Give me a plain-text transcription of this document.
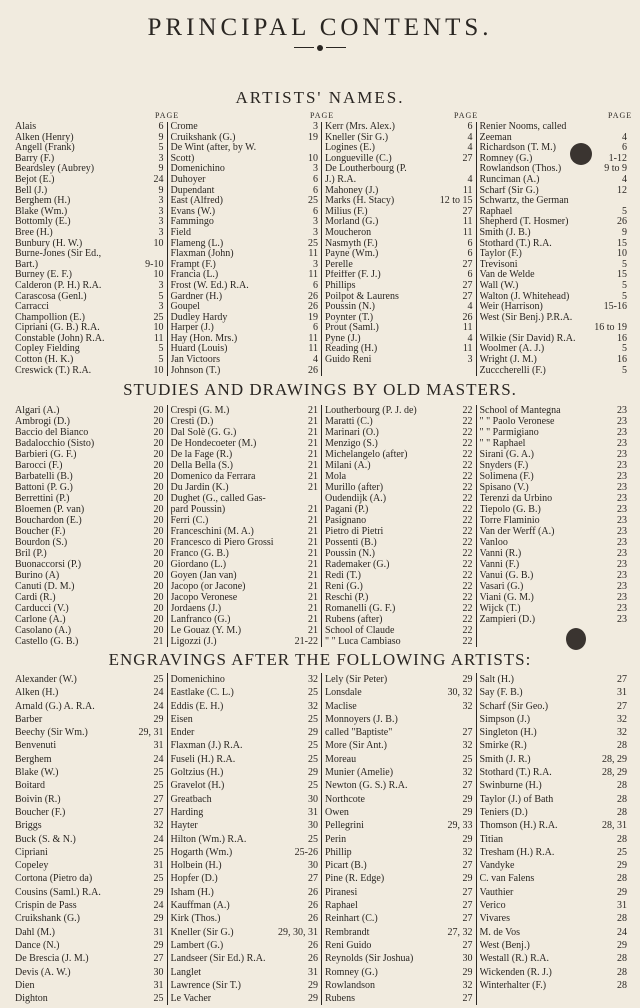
PRINCIPAL CONTENTS.
ARTISTS' NAMES.
PAGE	PAGE	PAGE	PAGE
Alais	6
Alken (Henry)	9
Angell (Frank)	5
Barry (F.)	3
Beardsley (Aubrey)	9
Bejot (E.)	24
Bell (J.)	9
Berghem (H.)	3
Blake (Wm.)	3
Bottomly (E.)	3
Bree (H.)	3
Bunbury (H. W.)	10
Burne-Jones (Sir Ed.,
Bart.)	9-10
Burney (E. F.)	10
Calderon (P. H.) R.A.	3
Carascosa (Genl.)	5
Carracci	3
Champollion (E.)	25
Cipriani (G. B.) R.A.	10
Constable (John) R.A.	11
Copley Fielding	5
Cotton (H. K.)	5
Creswick (T.) R.A.	10
Crome	3
Cruikshank (G.)	19
De Wint (after, by W.
Scott)	10
Domenichino	3
Duhoyer	6
Dupendant	6
East (Alfred)	25
Evans (W.)	6
Fammingo	3
Field	3
Flameng (L.)	25
Flaxman (John)	11
Frampt (F.)	3
Francia (L.)	11
Frost (W. Ed.) R.A.	6
Gardner (H.)	26
Goupel	26
Dudley Hardy	19
Harper (J.)	6
Hay (Hon. Mrs.)	11
Huard (Louis)	11
Jan Victoors	4
Johnson (T.)	26
Kerr (Mrs. Alex.)	6
Kneller (Sir G.)	4
Logines (E.)	4
Longueville (C.)	27
De Loutherbourg (P.
J.) R.A.	4
Mahoney (J.)	11
Marks (H. Stacy)	12 to 15
Milius (F.)	27
Morland (G.)	11
Moucheron	11
Nasmyth (F.)	6
Payne (Wm.)	6
Perelle	27
Pfeiffer (F. J.)	6
Phillips	27
Poilpot & Laurens	27
Poussin (N.)	4
Poynter (T.)	26
Prout (Saml.)	11
Pyne (J.)	4
Reading (H.)	11
Guido Reni	3
Renier Nooms, called
Zeeman	4
Richardson (T. M.)	6
Romney (G.)	1-12
Rowlandson (Thos.)	9 to 9
Runciman (A.)	4
Scharf (Sir G.)	12
Schwartz, the German
Raphael	5
Shepherd (T. Hosmer)	26
Smith (J. B.)	9
Stothard (T.) R.A.	15
Taylor (F.)	10
Trevisoni	5
Van de Welde	15
Wall (W.)	5
Walton (J. Whitehead)	5
Weir (Harrison)	15-16
West (Sir Benj.) P.R.A.
16 to 19
Wilkie (Sir David) R.A.	16
Woolmer (A. J.)	5
Wright (J. M.)	16
Zucccherelli (F.)	5
STUDIES AND DRAWINGS BY OLD MASTERS.
Algari (A.)	20
Ambrogi (D.)	20
Baccio del Bianco	20
Badalocchio (Sisto)	20
Barbieri (G. F.)	20
Barocci (F.)	20
Barbatelli (B.)	20
Battoni (P. G.)	20
Berrettini (P.)	20
Bloemen (P. van)	20
Bouchardon (E.)	20
Boucher (F.)	20
Bourdon (S.)	20
Bril (P.)	20
Buonaccorsi (P.)	20
Burino (A)	20
Canuti (D. M.)	20
Cardi (R.)	20
Carducci (V.)	20
Carlone (A.)	20
Casolano (A.)	20
Castello (G. B.)	21
Crespi (G. M.)	21
Cresti (D.)	21
Dal Solè (G. G.)	21
De Hondecoeter (M.)	21
De la Fage (R.)	21
Della Bella (S.)	21
Domenico da Ferrara	21
Du Jardin (K.)	21
Dughet (G., called Gas-
pard Poussin)	21
Ferri (C.)	21
Franceschini (M. A.)	21
Francesco di Piero Grossi	21
Franco (G. B.)	21
Giordano (L.)	21
Goyen (Jan van)	21
Jacopo (or Jacone)	21
Jacopo Veronese	21
Jordaens (J.)	21
Lanfranco (G.)	21
Le Gouaz (Y. M.)	21
Ligozzi (J.)	21-22
Loutherbourg (P. J. de)	22
Maratti (C.)	22
Marinari (O.)	22
Menzigo (S.)	22
Michelangelo (after)	22
Milani (A.)	22
Mola	22
Murillo (after)	22
Oudendijk (A.)	22
Pagani (P.)	22
Pasignano	22
Pietro di Pietri	22
Possenti (B.)	22
Poussin (N.)	22
Rademaker (G.)	22
Redi (T.)	22
Reni (G.)	22
Reschi (P.)	22
Romanelli (G. F.)	22
Rubens (after)	22
School of Claude	22
" " Luca Cambiaso	22
School of Mantegna	23
" " Paolo Veronese	23
" " Parmigiano	23
" " Raphael	23
Sirani (G. A.)	23
Snyders (F.)	23
Solimena (F.)	23
Spisano (V.)	23
Terenzi da Urbino	23
Tiepolo (G. B.)	23
Torre Flaminio	23
Van der Werff (A.)	23
Vanloo	23
Vanni (R.)	23
Vanni (F.)	23
Vanui (G. B.)	23
Vasari (G.)	23
Viani (G. M.)	23
Wijck (T.)	23
Zampieri (D.)	23
ENGRAVINGS AFTER THE FOLLOWING ARTISTS:
Alexander (W.)	25
Alken (H.)	24
Arnald (G.) A. R.A.	24
Barber	29
Beechy (Sir Wm.)	29, 31
Benvenuti	31
Berghem	24
Blake (W.)	25
Boitard	25
Boivin (R.)	27
Boucher (F.)	27
Briggs	32
Buck (S. & N.)	24
Cipriani	25
Copeley	31
Cortona (Pietro da)	25
Cousins (Saml.) R.A.	29
Crispin de Pass	24
Cruikshank (G.)	29
Dahl (M.)	31
Dance (N.)	29
De Brescia (J. M.)	27
Devis (A. W.)	30
Dien	31
Dighton	25
Domenichino	32
Eastlake (C. L.)	25
Eddis (E. H.)	32
Eisen	25
Ender	29
Flaxman (J.) R.A.	25
Fuseli (H.) R.A.	25
Goltzius (H.)	29
Gravelot (H.)	25
Greatbach	30
Harding	31
Hayter	30
Hilton (Wm.) R.A.	25
Hogarth (Wm.)	25-26
Holbein (H.)	30
Hopfer (D.)	27
Isham (H.)	26
Kauffman (A.)	26
Kirk (Thos.)	26
Kneller (Sir G.)	29, 30, 31
Lambert (G.)	26
Landseer (Sir Ed.) R.A.	26
Langlet	31
Lawrence (Sir T.)	29
Le Vacher	29
Lely (Sir Peter)	29
Lonsdale	30, 32
Maclise	32
Monnoyers (J. B.)
called "Baptiste"	27
More (Sir Ant.)	32
Moreau	25
Munier (Amelie)	32
Newton (G. S.) R.A.	27
Northcote	29
Owen	29
Pellegrini	29, 33
Perin	29
Phillip	32
Picart (B.)	27
Pine (R. Edge)	29
Piranesi	27
Raphael	27
Reinhart (C.)	27
Rembrandt	27, 32
Reni Guido	27
Reynolds (Sir Joshua)	30
Romney (G.)	29
Rowlandson	32
Rubens	27
Salt (H.)	27
Say (F. B.)	31
Scharf (Sir Geo.)	27
Simpson (J.)	32
Singleton (H.)	32
Smirke (R.)	28
Smith (J. R.)	28, 29
Stothard (T.) R.A.	28, 29
Swinburne (H.)	28
Taylor (J.) of Bath	28
Teniers (D.)	28
Thomson (H.) R.A.	28, 31
Titian	28
Tresham (H.) R.A.	25
Vandyke	29
C. van Falens	28
Vauthier	29
Verico	31
Vivares	28
M. de Vos	24
West (Benj.)	29
Westall (R.) R.A.	28
Wickenden (R. J.)	28
Winterhalter (F.)	28
